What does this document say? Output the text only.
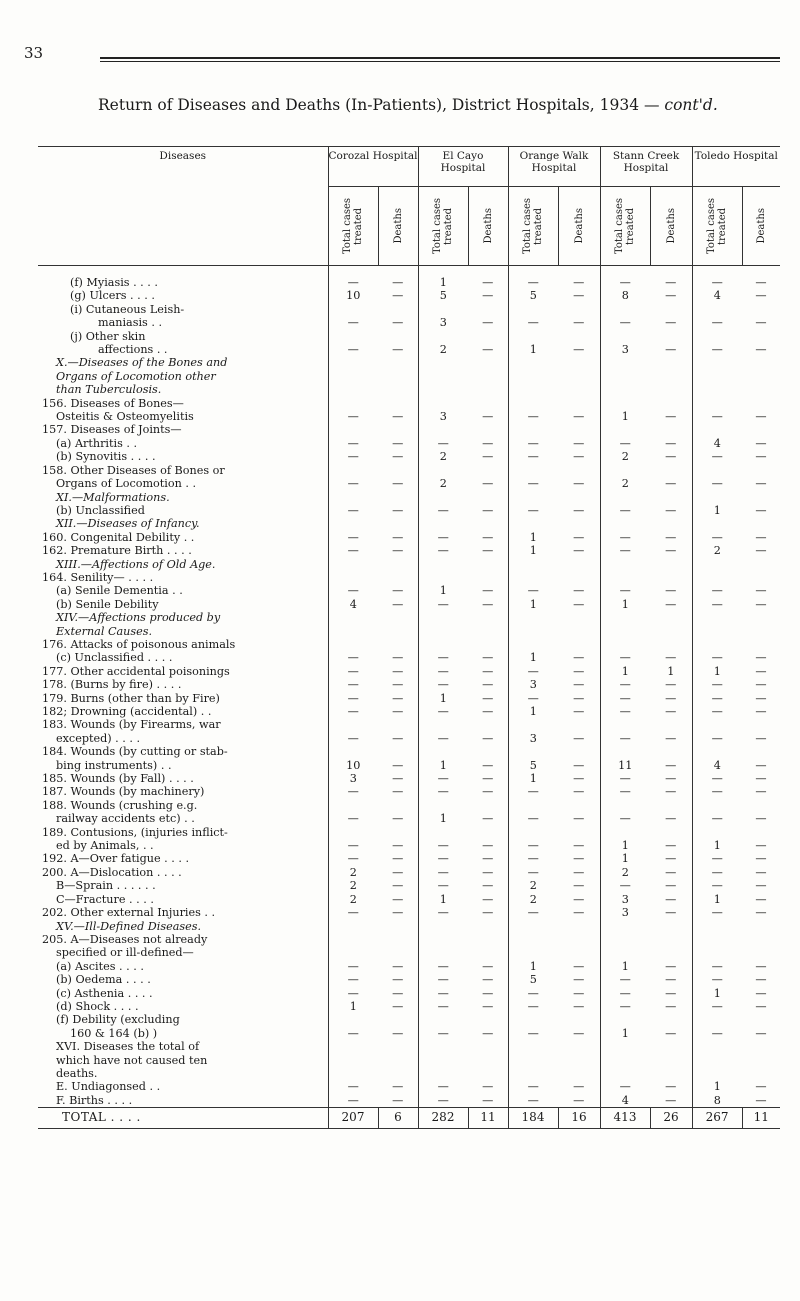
33
Return of Diseases and Deaths (In-Patients), District Hospitals, 1934 — cont'd.
Diseases	Corozal Hospital		El Cayo Hospital		Orange Walk Hospital		Stann Creek Hospital		Toledo Hospital	

	Total cases treated	Deaths	Total cases treated	Deaths	Total cases treated	Deaths	Total cases treated	Deaths	Total cases treated	Deaths

(f) Myiasis . . . .	—	—	1	—	—	—	—	—	—	—
(g) Ulcers . . . .	10	—	5	—	5	—	8	—	4	—
(i) Cutaneous Leish-										
maniasis . .	—	—	3	—	—	—	—	—	—	—
(j) Other skin										
affections . .	—	—	2	—	1	—	3	—	—	—
X.—Diseases of the Bones and										
Organs of Locomotion other										
than Tuberculosis.										
156. Diseases of Bones—										
Osteitis & Osteomyelitis	—	—	3	—	—	—	1	—	—	—
157. Diseases of Joints—										
(a) Arthritis . .	—	—	—	—	—	—	—	—	4	—
(b) Synovitis . . . .	—	—	2	—	—	—	2	—	—	—
158. Other Diseases of Bones or										
Organs of Locomotion . .	—	—	2	—	—	—	2	—	—	—
XI.—Malformations.										
(b) Unclassified	—	—	—	—	—	—	—	—	1	—
XII.—Diseases of Infancy.										
160. Congenital Debility . .	—	—	—	—	1	—	—	—	—	—
162. Premature Birth . . . .	—	—	—	—	1	—	—	—	2	—
XIII.—Affections of Old Age.										
164. Senility— . . . .										
(a) Senile Dementia . .	—	—	1	—	—	—	—	—	—	—
(b) Senile Debility	4	—	—	—	1	—	1	—	—	—
XIV.—Affections produced by										
External Causes.										
176. Attacks of poisonous animals										
(c) Unclassified . . . .	—	—	—	—	1	—	—	—	—	—
177. Other accidental poisonings	—	—	—	—	—	—	1	1	1	—
178. (Burns by fire) . . . .	—	—	—	—	3	—	—	—	—	—
179. Burns (other than by Fire)	—	—	1	—	—	—	—	—	—	—
182; Drowning (accidental) . .	—	—	—	—	1	—	—	—	—	—
183. Wounds (by Firearms, war										
excepted) . . . .	—	—	—	—	3	—	—	—	—	—
184. Wounds (by cutting or stab-										
bing instruments) . .	10	—	1	—	5	—	11	—	4	—
185. Wounds (by Fall) . . . .	3	—	—	—	1	—	—	—	—	—
187. Wounds (by machinery)	—	—	—	—	—	—	—	—	—	—
188. Wounds (crushing e.g.										
railway accidents etc) . .	—	—	1	—	—	—	—	—	—	—
189. Contusions, (injuries inflict-										
ed by Animals, . .	—	—	—	—	—	—	1	—	1	—
192. A—Over fatigue . . . .	—	—	—	—	—	—	1	—	—	—
200. A—Dislocation . . . .	2	—	—	—	—	—	2	—	—	—
B—Sprain . . . . . .	2	—	—	—	2	—	—	—	—	—
C—Fracture . . . .	2	—	1	—	2	—	3	—	1	—
202. Other external Injuries . .	—	—	—	—	—	—	3	—	—	—
XV.—Ill-Defined Diseases.										
205. A—Diseases not already										
specified or ill-defined—										
(a) Ascites . . . .	—	—	—	—	1	—	1	—	—	—
(b) Oedema . . . .	—	—	—	—	5	—	—	—	—	—
(c) Asthenia . . . .	—	—	—	—	—	—	—	—	1	—
(d) Shock . . . .	1	—	—	—	—	—	—	—	—	—
(f) Debility (excluding										
160 & 164 (b) )	—	—	—	—	—	—	1	—	—	—
XVI. Diseases the total of										
which have not caused ten										
deaths.										
E. Undiagonsed . .	—	—	—	—	—	—	—	—	1	—
F. Births . . . .	—	—	—	—	—	—	4	—	8	—
TOTAL . . . .	207	6	282	11	184	16	413	26	267	11
